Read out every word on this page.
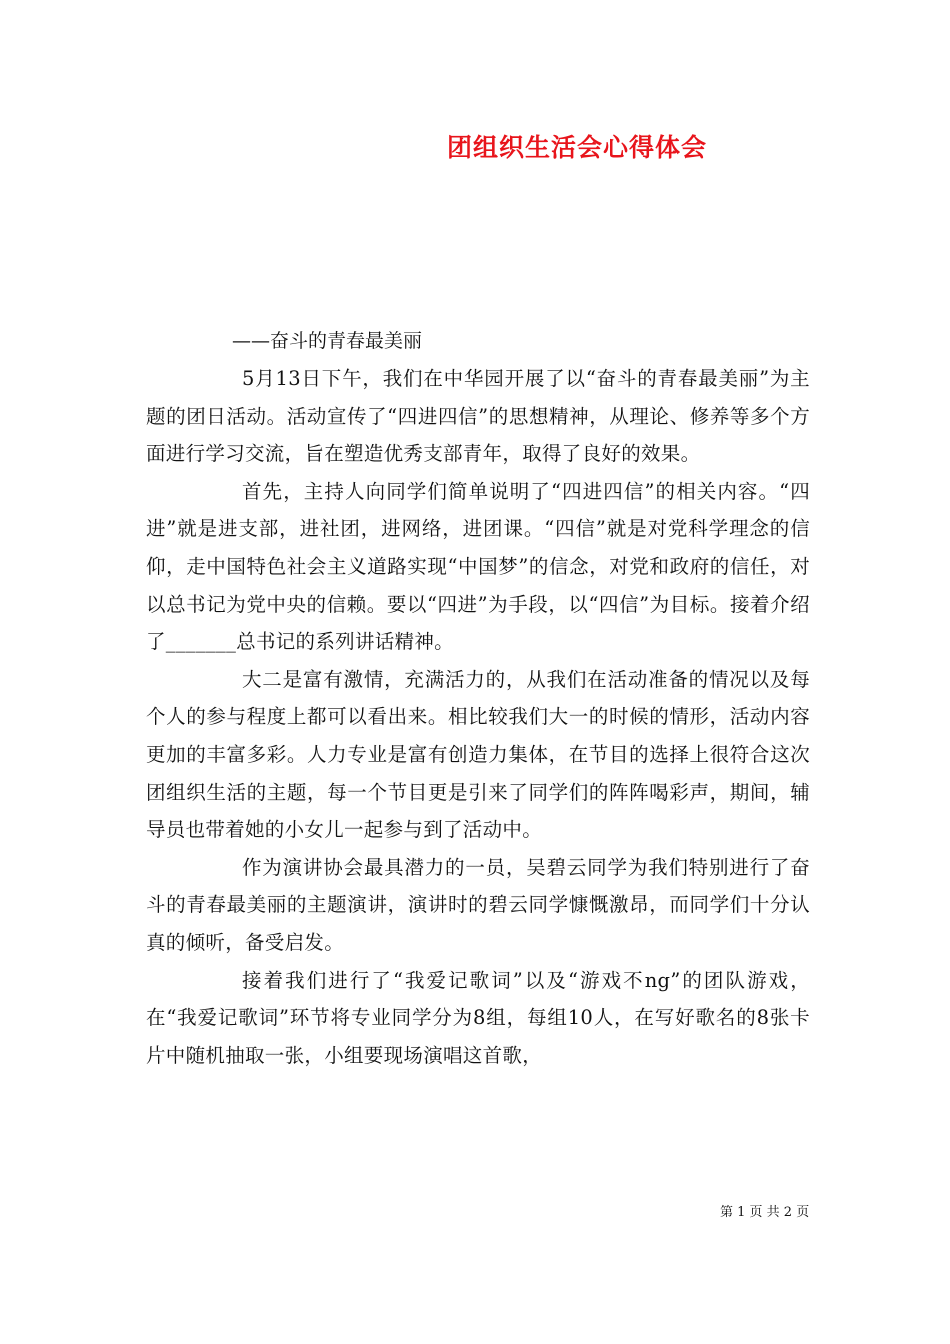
团组织生活会心得体会
——奋斗的青春最美丽

5月13日下午，我们在中华园开展了以“奋斗的青春最美丽”为主题的团日活动。活动宣传了“四进四信”的思想精神，从理论、修养等多个方面进行学习交流，旨在塑造优秀支部青年，取得了良好的效果。

首先，主持人向同学们简单说明了“四进四信”的相关内容。“四进”就是进支部，进社团，进网络，进团课。“四信”就是对党科学理念的信仰，走中国特色社会主义道路实现“中国梦”的信念，对党和政府的信任，对以总书记为党中央的信赖。要以“四进”为手段，以“四信”为目标。接着介绍了_______总书记的系列讲话精神。

大二是富有激情，充满活力的，从我们在活动准备的情况以及每个人的参与程度上都可以看出来。相比较我们大一的时候的情形，活动内容更加的丰富多彩。人力专业是富有创造力集体，在节目的选择上很符合这次团组织生活的主题，每一个节目更是引来了同学们的阵阵喝彩声，期间，辅导员也带着她的小女儿一起参与到了活动中。

作为演讲协会最具潜力的一员，吴碧云同学为我们特别进行了奋斗的青春最美丽的主题演讲，演讲时的碧云同学慷慨激昂，而同学们十分认真的倾听，备受启发。

接着我们进行了“我爱记歌词”以及“游戏不ng”的团队游戏，在“我爱记歌词”环节将专业同学分为8组，每组10人，在写好歌名的8张卡片中随机抽取一张，小组要现场演唱这首歌，

第 1 页 共 2 页
